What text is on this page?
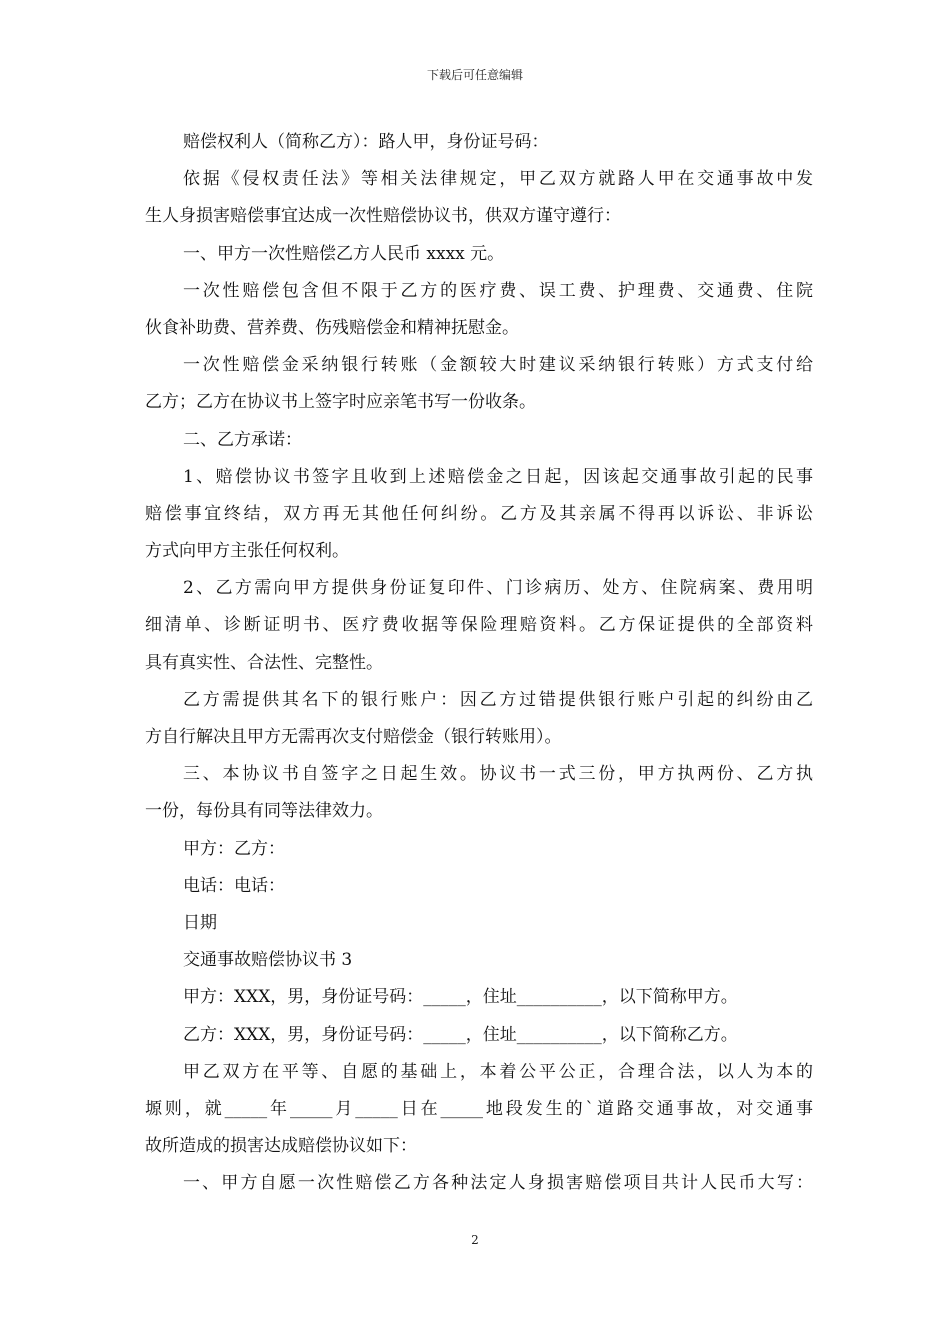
下载后可任意编辑
赔偿权利人（简称乙方）：路人甲，身份证号码：
依据《侵权责任法》等相关法律规定，甲乙双方就路人甲在交通事故中发
生人身损害赔偿事宜达成一次性赔偿协议书，供双方谨守遵行：
一、甲方一次性赔偿乙方人民币 xxxx 元。
一次性赔偿包含但不限于乙方的医疗费、误工费、护理费、交通费、住院
伙食补助费、营养费、伤残赔偿金和精神抚慰金。
一次性赔偿金采纳银行转账（金额较大时建议采纳银行转账）方式支付给
乙方；乙方在协议书上签字时应亲笔书写一份收条。
二、乙方承诺：
1、赔偿协议书签字且收到上述赔偿金之日起，因该起交通事故引起的民事
赔偿事宜终结，双方再无其他任何纠纷。乙方及其亲属不得再以诉讼、非诉讼
方式向甲方主张任何权利。
2、乙方需向甲方提供身份证复印件、门诊病历、处方、住院病案、费用明
细清单、诊断证明书、医疗费收据等保险理赔资料。乙方保证提供的全部资料
具有真实性、合法性、完整性。
乙方需提供其名下的银行账户：因乙方过错提供银行账户引起的纠纷由乙
方自行解决且甲方无需再次支付赔偿金（银行转账用）。
三、本协议书自签字之日起生效。协议书一式三份，甲方执两份、乙方执
一份，每份具有同等法律效力。
甲方：乙方：
电话：电话：
日期
交通事故赔偿协议书 3
甲方：XXX，男，身份证号码：_____，住址__________，以下简称甲方。
乙方：XXX，男，身份证号码：_____，住址__________，以下简称乙方。
甲乙双方在平等、自愿的基础上，本着公平公正，合理合法，以人为本的
塬则，就_____年_____月_____日在_____地段发生的`道路交通事故，对交通事
故所造成的损害达成赔偿协议如下：
一、甲方自愿一次性赔偿乙方各种法定人身损害赔偿项目共计人民币大写：
2
